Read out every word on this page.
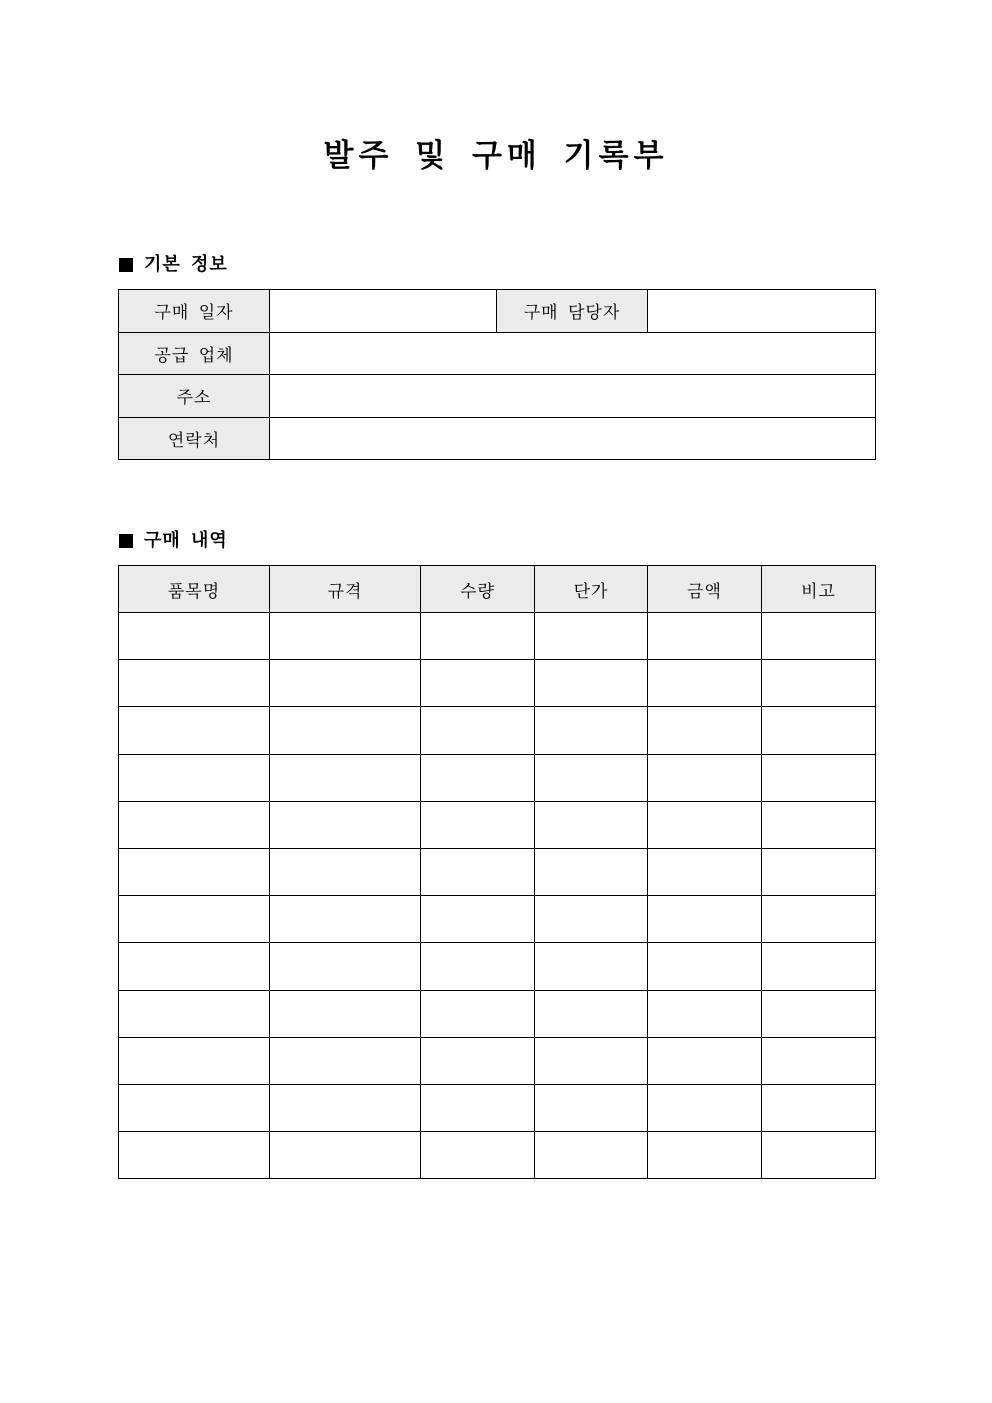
발주 및 구매 기록부
기본 정보
구매 일자		구매 담당자	
공급 업체			
주소			
연락처			
구매 내역
품목명	규격	수량	단가	금액	비고
